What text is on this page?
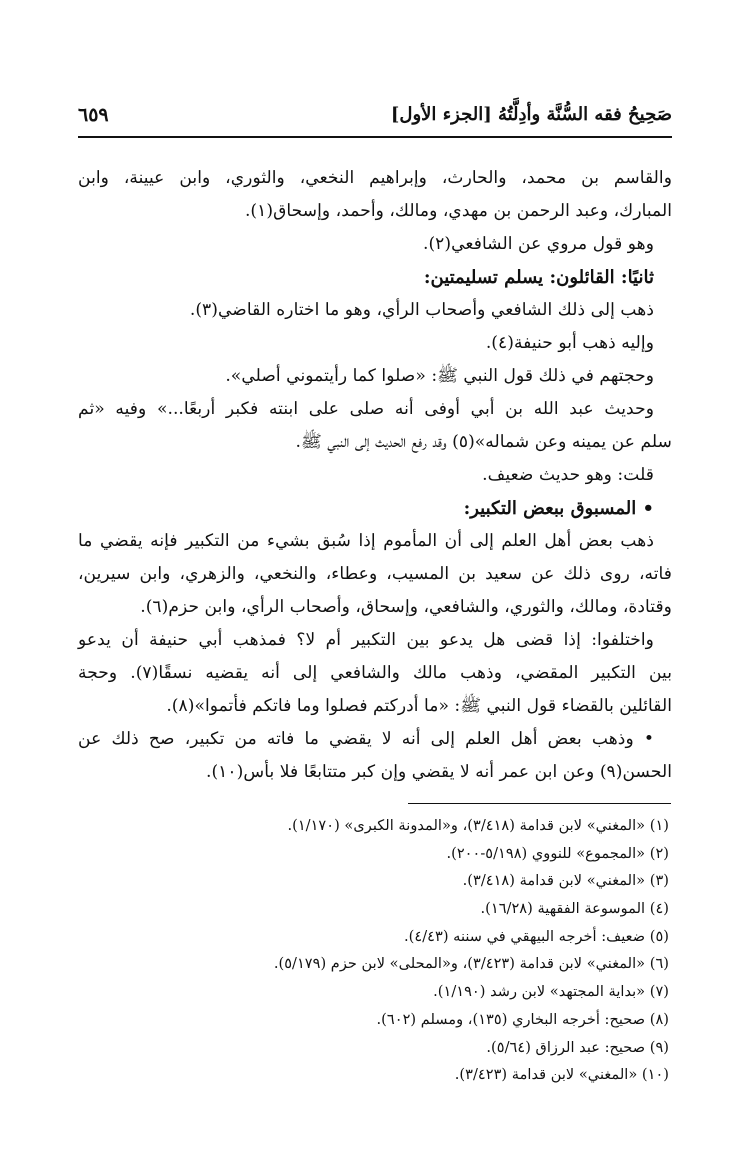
صَحِيحُ فقه السُّنَّة وأدِلَّتُهُ [الجزء الأول]
٦٥٩
والقاسم بن محمد، والحارث، وإبراهيم النخعي، والثوري، وابن عيينة، وابن
المبارك، وعبد الرحمن بن مهدي، ومالك، وأحمد، وإسحاق(١).
وهو قول مروي عن الشافعي(٢).
ثانيًا: القائلون: يسلم تسليمتين:
ذهب إلى ذلك الشافعي وأصحاب الرأي، وهو ما اختاره القاضي(٣).
وإليه ذهب أبو حنيفة(٤).
وحجتهم في ذلك قول النبي ﷺ: «صلوا كما رأيتموني أصلي».
وحديث عبد الله بن أبي أوفى أنه صلى على ابنته فكبر أربعًا...» وفيه «ثم
سلم عن يمينه وعن شماله»(٥) وقد رفع الحديث إلى النبي ﷺ.
قلت: وهو حديث ضعيف.
• المسبوق ببعض التكبير:
ذهب بعض أهل العلم إلى أن المأموم إذا سُبق بشيء من التكبير فإنه يقضي ما
فاته، روى ذلك عن سعيد بن المسيب، وعطاء، والنخعي، والزهري، وابن سيرين،
وقتادة، ومالك، والثوري، والشافعي، وإسحاق، وأصحاب الرأي، وابن حزم(٦).
واختلفوا: إذا قضى هل يدعو بين التكبير أم لا؟ فمذهب أبي حنيفة أن يدعو
بين التكبير المقضي، وذهب مالك والشافعي إلى أنه يقضيه نسقًا(٧). وحجة
القائلين بالقضاء قول النبي ﷺ: «ما أدركتم فصلوا وما فاتكم فأتموا»(٨).
• وذهب بعض أهل العلم إلى أنه لا يقضي ما فاته من تكبير، صح ذلك عن
الحسن(٩) وعن ابن عمر أنه لا يقضي وإن كبر متتابعًا فلا بأس(١٠).
(١) «المغني» لابن قدامة (٣/٤١٨)، و«المدونة الكبرى» (١/١٧٠).
(٢) «المجموع» للنووي (٥/١٩٨-٢٠٠).
(٣) «المغني» لابن قدامة (٣/٤١٨).
(٤) الموسوعة الفقهية (١٦/٢٨).
(٥) ضعيف: أخرجه البيهقي في سننه (٤/٤٣).
(٦) «المغني» لابن قدامة (٣/٤٢٣)، و«المحلى» لابن حزم (٥/١٧٩).
(٧) «بداية المجتهد» لابن رشد (١/١٩٠).
(٨) صحيح: أخرجه البخاري (١٣٥)، ومسلم (٦٠٢).
(٩) صحيح: عبد الرزاق (٥/٦٤).
(١٠) «المغني» لابن قدامة (٣/٤٢٣).
